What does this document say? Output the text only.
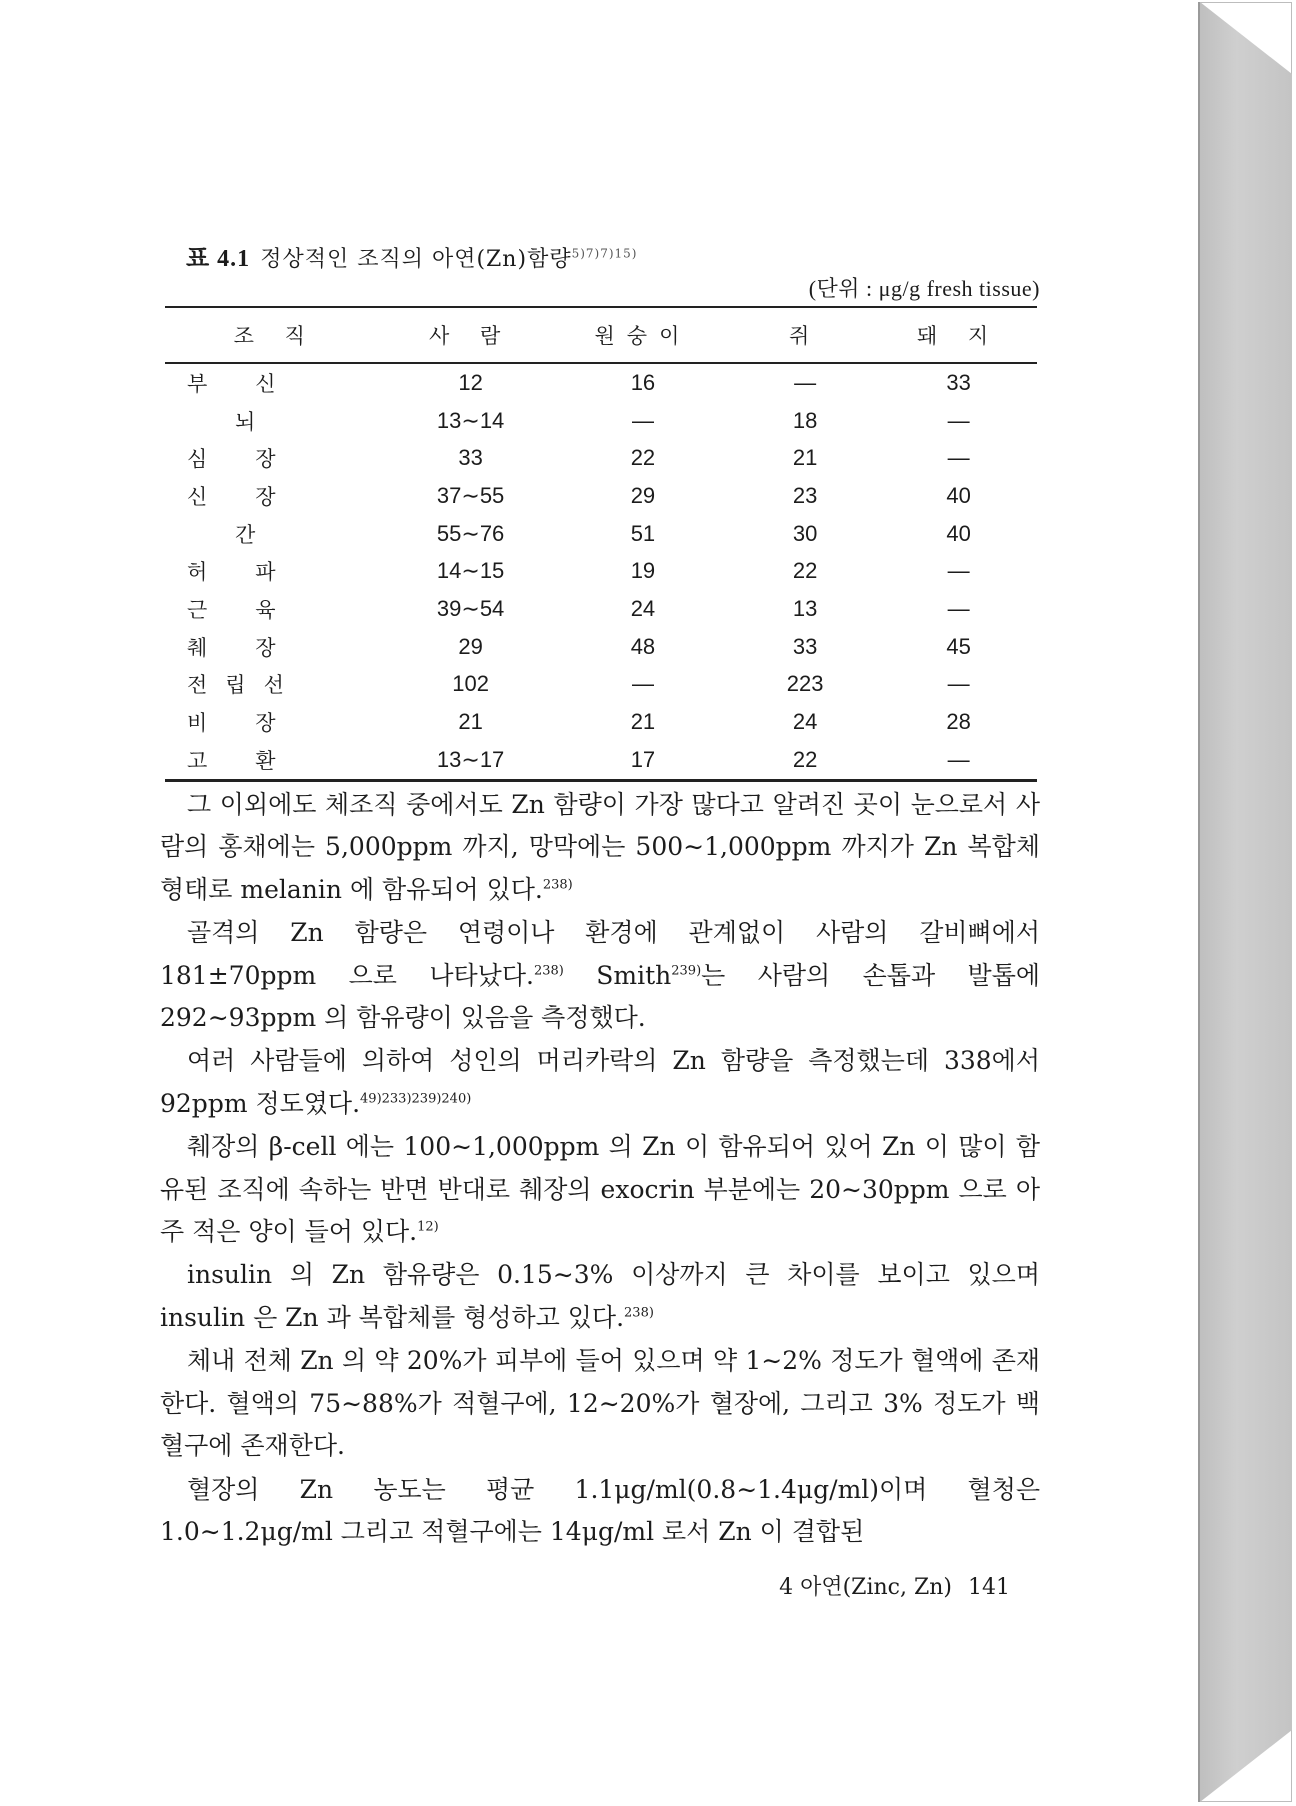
표 4.1 정상적인 조직의 아연(Zn)함량$^{5)7)7)15)}$
(단위 : μg/g fresh tissue)
조 직	사 람	원숭이	쥐	돼 지
부신	12	16	—	33
뇌	13∼14	—	18	—
심장	33	22	21	—
신장	37∼55	29	23	40
간	55∼76	51	30	40
허파	14∼15	19	22	—
근육	39∼54	24	13	—
췌장	29	48	33	45
전립선	102	—	223	—
비장	21	21	24	28
고환	13∼17	17	22	—

그 이외에도 체조직 중에서도 Zn 함량이 가장 많다고 알려진 곳이 눈으로서 사람의 홍채에는 5,000ppm 까지, 망막에는 500∼1,000ppm 까지가 Zn 복합체 형태로 melanin 에 함유되어 있다.$^{238)}$

골격의 Zn 함량은 연령이나 환경에 관계없이 사람의 갈비뼈에서 181±70ppm 으로 나타났다.$^{238)}$ Smith$^{239)}$는 사람의 손톱과 발톱에 292∼93ppm 의 함유량이 있음을 측정했다.

여러 사람들에 의하여 성인의 머리카락의 Zn 함량을 측정했는데 338에서 92ppm 정도였다.$^{49)233)239)240)}$

췌장의 β-cell 에는 100∼1,000ppm 의 Zn 이 함유되어 있어 Zn 이 많이 함유된 조직에 속하는 반면 반대로 췌장의 exocrin 부분에는 20∼30ppm 으로 아주 적은 양이 들어 있다.$^{12)}$

insulin 의 Zn 함유량은 0.15∼3% 이상까지 큰 차이를 보이고 있으며 insulin 은 Zn 과 복합체를 형성하고 있다.$^{238)}$

체내 전체 Zn 의 약 20%가 피부에 들어 있으며 약 1∼2% 정도가 혈액에 존재한다. 혈액의 75∼88%가 적혈구에, 12∼20%가 혈장에, 그리고 3% 정도가 백혈구에 존재한다.

혈장의 Zn 농도는 평균 1.1μg/ml(0.8∼1.4μg/ml)이며 혈청은 1.0∼1.2μg/ml 그리고 적혈구에는 14μg/ml 로서 Zn 이 결합된

4 아연(Zinc, Zn) 141
